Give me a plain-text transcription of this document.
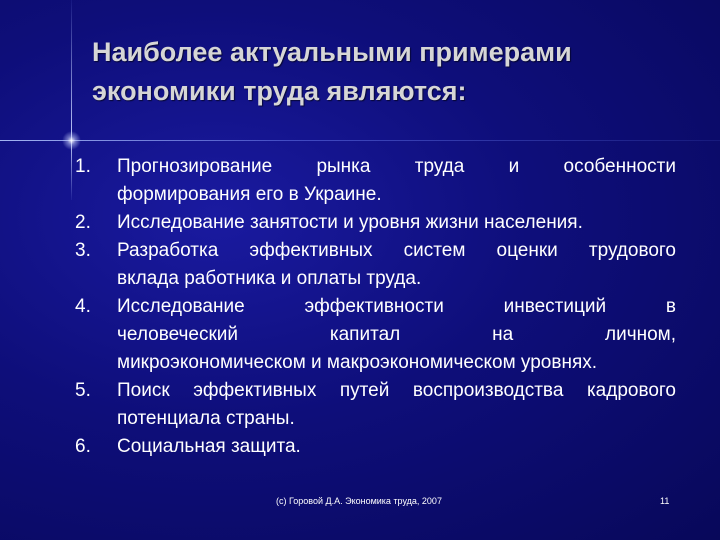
Наиболее актуальными примерами
экономики труда являются:
1.	Прогнозирование рынка труда и особенности
формирования его в Украине.
2.	Исследование занятости и уровня жизни населения.
3.	Разработка эффективных систем оценки трудового
вклада работника и оплаты труда.
4.	Исследование эффективности инвестиций в
человеческий капитал на личном,
микроэкономическом и макроэкономическом уровнях.
5.	Поиск эффективных путей воспроизводства кадрового
потенциала страны.
6.	Социальная защита.
(с) Горовой Д.А. Экономика труда, 2007	11
